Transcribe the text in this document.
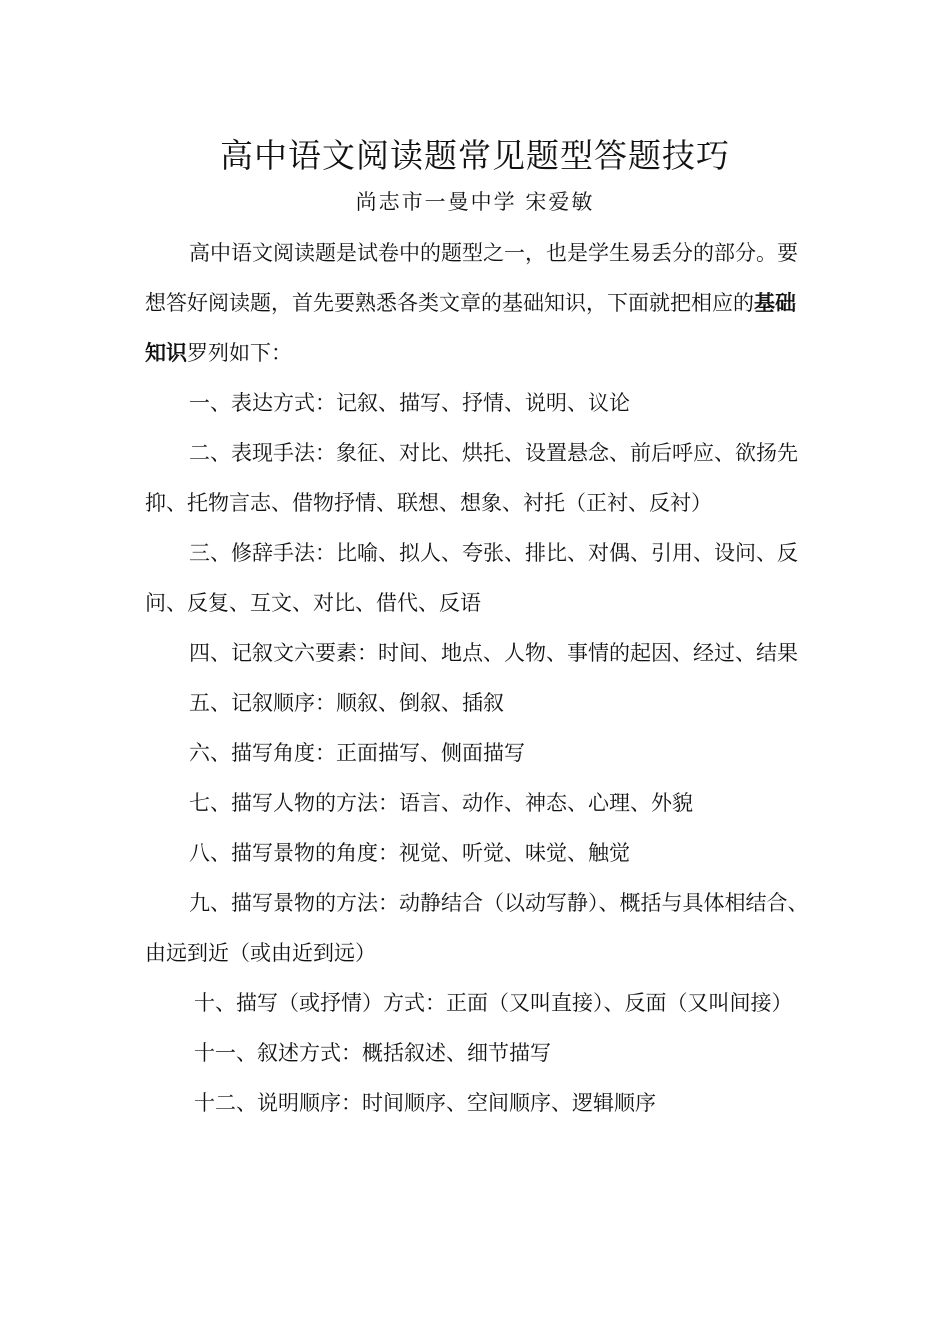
高中语文阅读题常见题型答题技巧
尚志市一曼中学 宋爱敏

高中语文阅读题是试卷中的题型之一，也是学生易丢分的部分。要想答好阅读题，首先要熟悉各类文章的基础知识，下面就把相应的基础知识罗列如下：

一、表达方式：记叙、描写、抒情、说明、议论

二、表现手法：象征、对比、烘托、设置悬念、前后呼应、欲扬先抑、托物言志、借物抒情、联想、想象、衬托（正衬、反衬）

三、修辞手法：比喻、拟人、夸张、排比、对偶、引用、设问、反问、反复、互文、对比、借代、反语

四、记叙文六要素：时间、地点、人物、事情的起因、经过、结果

五、记叙顺序：顺叙、倒叙、插叙

六、描写角度：正面描写、侧面描写

七、描写人物的方法：语言、动作、神态、心理、外貌

八、描写景物的角度：视觉、听觉、味觉、触觉

九、描写景物的方法：动静结合（以动写静）、概括与具体相结合、由远到近（或由近到远）

十、描写（或抒情）方式：正面（又叫直接）、反面（又叫间接）

十一、叙述方式：概括叙述、细节描写

十二、说明顺序：时间顺序、空间顺序、逻辑顺序
